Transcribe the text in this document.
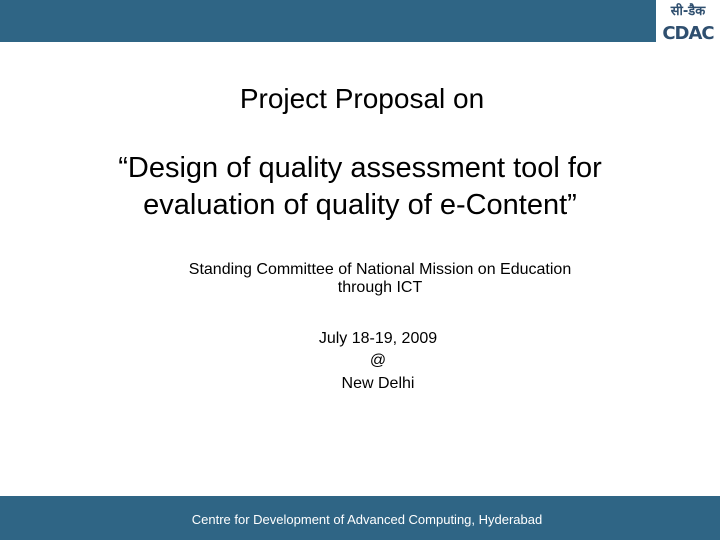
सी-डैक
CDAC
Project Proposal on
“Design of quality assessment tool for
evaluation of quality of e-Content”
Standing Committee of National Mission on Education
through ICT
July 18-19, 2009
@
New Delhi
Centre for Development of Advanced Computing, Hyderabad
